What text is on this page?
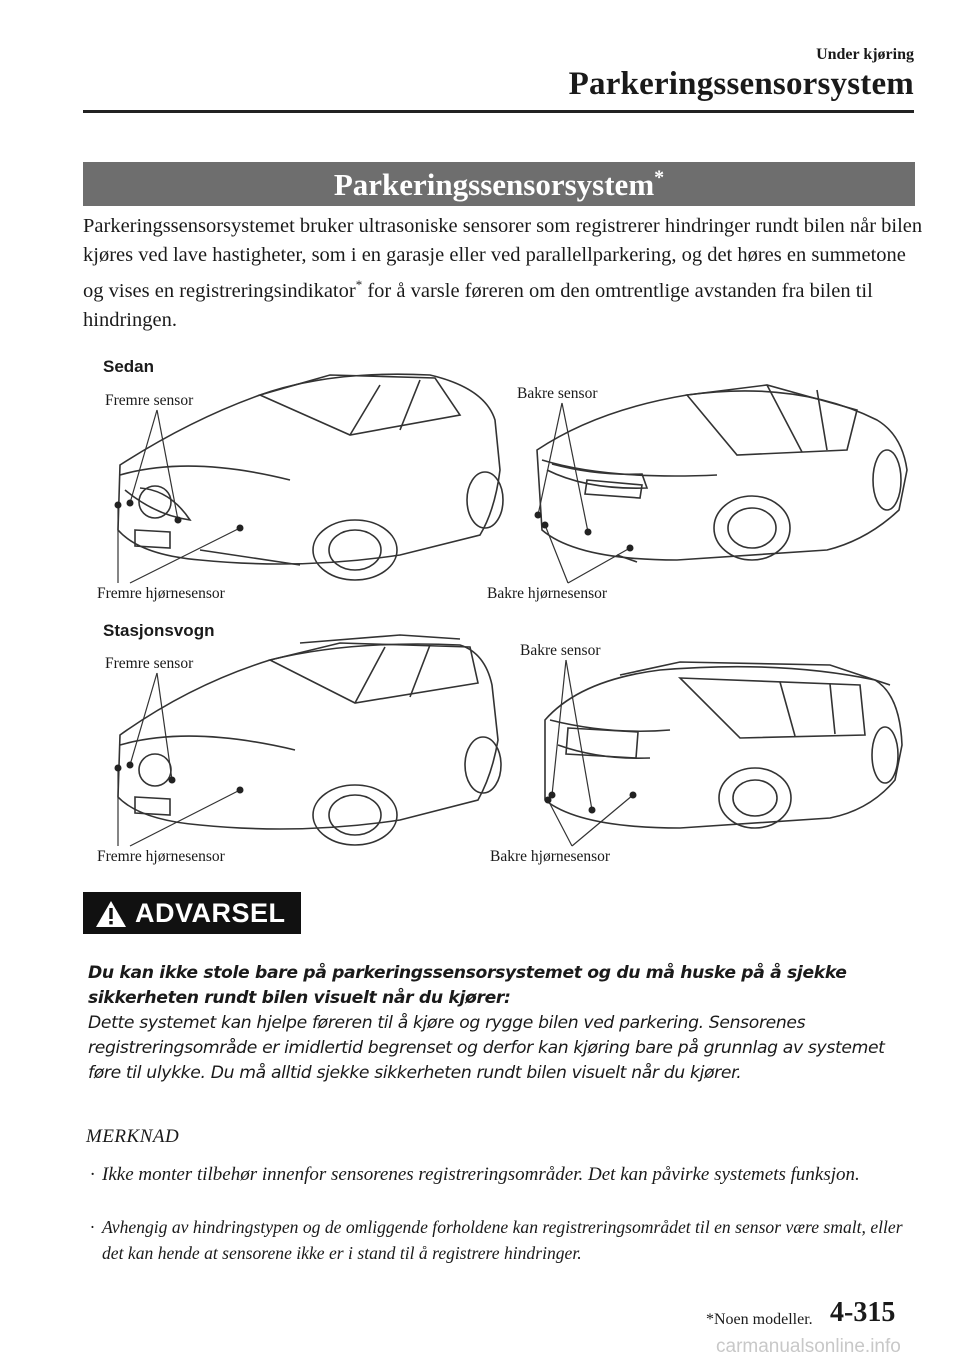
Under kjøring
Parkeringssensorsystem
Parkeringssensorsystem*
Parkeringssensorsystemet bruker ultrasoniske sensorer som registrerer hindringer rundt bilen når bilen kjøres ved lave hastigheter, som i en garasje eller ved parallellparkering, og det høres en summetone og vises en registreringsindikator* for å varsle føreren om den omtrentlige avstanden fra bilen til hindringen.
Sedan
Fremre sensor	Bakre sensor
Fremre hjørnesensor	Bakre hjørnesensor
Stasjonsvogn
Fremre sensor
Bakre sensor
Fremre hjørnesensor	Bakre hjørnesensor
ADVARSEL
Du kan ikke stole bare på parkeringssensorsystemet og du må huske på å sjekke sikkerheten rundt bilen visuelt når du kjører:
Dette systemet kan hjelpe føreren til å kjøre og rygge bilen ved parkering. Sensorenes registreringsområde er imidlertid begrenset og derfor kan kjøring bare på grunnlag av systemet føre til ulykke. Du må alltid sjekke sikkerheten rundt bilen visuelt når du kjører.
MERKNAD
· Ikke monter tilbehør innenfor sensorenes registreringsområder. Det kan påvirke systemets funksjon.
· Avhengig av hindringstypen og de omliggende forholdene kan registreringsområdet til en sensor være smalt, eller det kan hende at sensorene ikke er i stand til å registrere hindringer.
*Noen modeller. 4-315
carmanualsonline.info
